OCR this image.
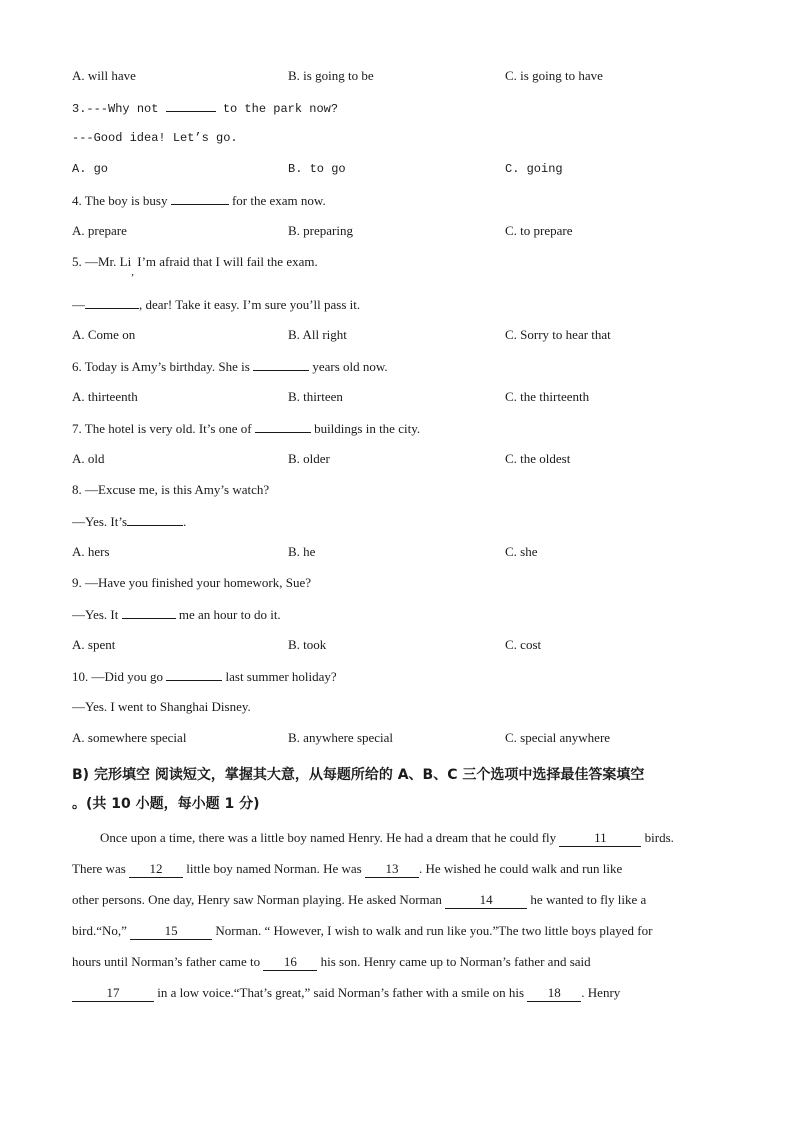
A. will have	B. is going to be	C. is going to have
3.---Why not	to the park now?
---Good idea! Let’s go.
A. go	B. to go	C. going
4. The boy is busy	for the exam now.
A. prepare	B. preparing	C. to prepare
5. —Mr. $Li_,$ I’m afraid that I will fail the exam.
—	, dear! Take it easy. I’m sure you’ll pass it.
A. Come on	B. All right	C. Sorry to hear that
6. Today is Amy’s birthday. She is	years old now.
A. thirteenth	B. thirteen	C. the thirteenth
7. The hotel is very old. It’s one of	buildings in the city.
A. old	B. older	C. the oldest
8. —Excuse me, is this Amy’s watch?
—Yes. It’s	.
A. hers	B. he	C. she
9. —Have you finished your homework, Sue?
—Yes. It	me an hour to do it.
A. spent	B. took	C. cost
10. —Did you go	last summer holiday?
—Yes. I went to Shanghai Disney.
A. somewhere special	B. anywhere special	C. special anywhere
B) 完形填空 阅读短文，掌握其大意，从每题所给的 A、B、C 三个选项中选择最佳答案填空
。(共 10 小题，每小题 1 分)
Once upon a time, there was a little boy named Henry. He had a dream that he could fly	11	birds.
There was 12 little boy named Norman. He was 13 . He wished he could walk and run like
other persons. One day, Henry saw Norman playing. He asked Norman	14	he wanted to fly like a
bird.“No,”	15	Norman. “ However, I wish to walk and run like you.”The two little boys played for
hours until Norman’s father came to 16 his son. Henry came up to Norman’s father and said
17	in a low voice.“That’s great,” said Norman’s father with a smile on his 18 . Henry
